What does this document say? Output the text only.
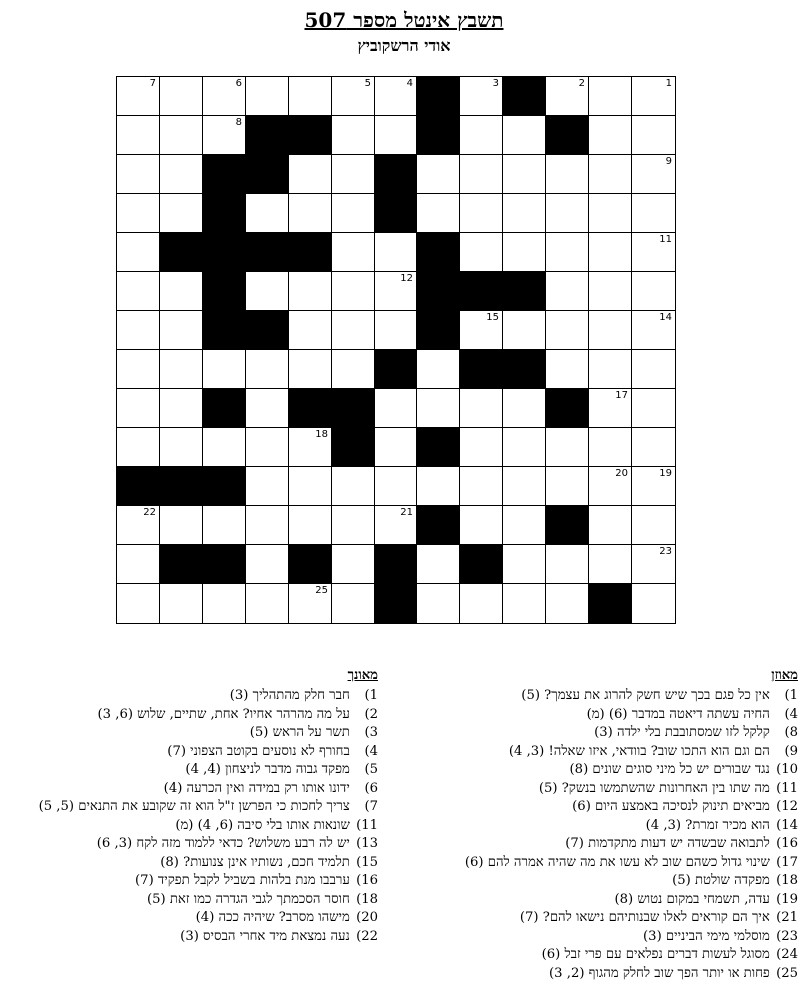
תשבץ אינטל מספר 507
אודי הרשקוביץ
7	6	5	4	3	2	1
8
9
10
11
13	12
15	14
16
17
18
20	19
22	21
23
25	24
מאוזן
1) אין כל פגם בכך שיש חשק להרוג את עצמך? (5)
4) החיה עשתה דיאטה במדבר (6) (מ)
8) קלקל לזו שמסתובבת בלי ילדה (3)
9) הם וגם הוא התכו שוב? בוודאי, איזו שאלה! (3, 4)
10) נגד שבורים יש כל מיני סוגים שונים (8)
11) מה שתו בין האחרונות שהשתמשו בנשק? (5)
12) מביאים תינוק לנסיכה באמצע היום (6)
14) הוא מכיר זמרת? (3, 4)
16) לתבואה שבשדה יש דעות מתקדמות (7)
17) שינוי גדול כשהם שוב לא עשו את מה שהיה אמרה להם (6)
18) מפקדה שולטת (5)
19) עדה, תשמחי במקום נטוש (8)
21) איך הם קוראים לאלו שבנותיהם נישאו להם? (7)
23) מוסלמי מימי הביניים (3)
24) מסוגל לעשות דברים נפלאים עם פרי זבל (6)
25) פחות או יותר הפך שוב לחלק מהגוף (2, 3)
מאונך
1) חבר חלק מהתהליך (3)
2) על מה מהרהר אחיו? אחת, שתיים, שלוש (6, 3)
3) תשר על הראש (5)
4) בחורף לא נוסעים בקוטב הצפוני (7)
5) מפקד גבוה מדבר לניצחון (4, 4)
6) ידונו אותו רק במידה ואין הכרעה (4)
7) צריך לחכות כי הפרשן ז"ל הוא זה שקובע את התנאים (5, 5)
11) שונאות אותו בלי סיבה (6, 4) (מ)
13) יש לה רבע משלוש? כדאי ללמוד מזה לקח (3, 6)
15) תלמיד חכם, נשותיו אינן צנועות? (8)
16) ערבבו מנת בלהות בשביל לקבל תפקיד (7)
18) חוסר הסכמתך לגבי הגדרה כמו זאת (5)
20) מישהו מסרב? שיהיה ככה (4)
22) נעה נמצאת מיד אחרי הבסיס (3)
